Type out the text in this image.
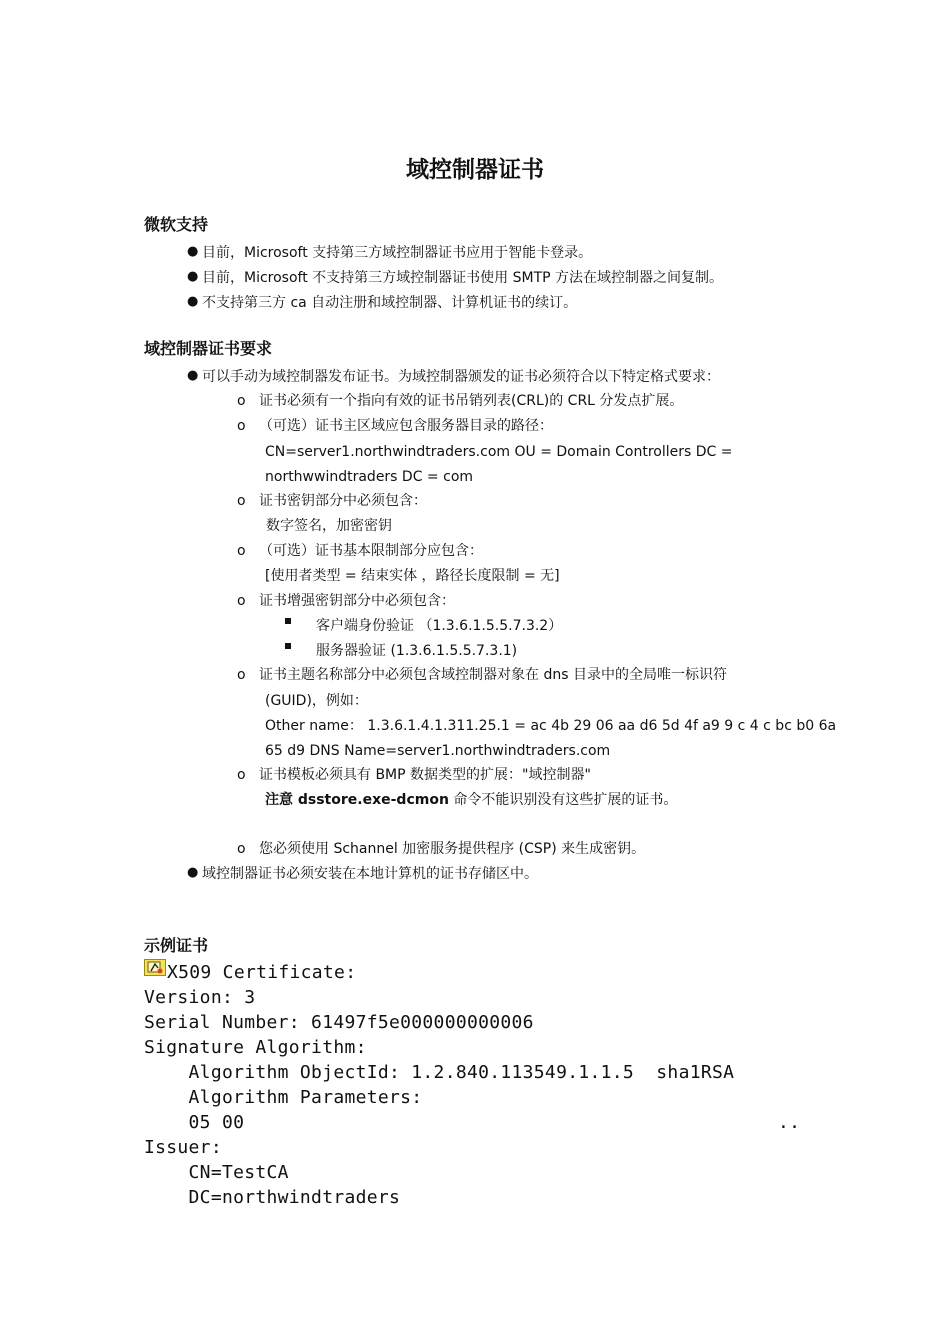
域控制器证书
微软支持
● 目前，Microsoft 支持第三方域控制器证书应用于智能卡登录。
● 目前，Microsoft 不支持第三方域控制器证书使用 SMTP 方法在域控制器之间复制。
● 不支持第三方 ca 自动注册和域控制器、计算机证书的续订。
域控制器证书要求
● 可以手动为域控制器发布证书。为域控制器颁发的证书必须符合以下特定格式要求：
o 证书必须有一个指向有效的证书吊销列表(CRL)的 CRL 分发点扩展。
o （可选）证书主区域应包含服务器目录的路径：
CN=server1.northwindtraders.com OU = Domain Controllers DC =
northwwindtraders DC = com
o 证书密钥部分中必须包含：
数字签名，加密密钥
o （可选）证书基本限制部分应包含：
[使用者类型 = 结束实体 ，路径长度限制 = 无]
o 证书增强密钥部分中必须包含：
客户端身份验证 （1.3.6.1.5.5.7.3.2）
服务器验证 (1.3.6.1.5.5.7.3.1)
o 证书主题名称部分中必须包含域控制器对象在 dns 目录中的全局唯一标识符
(GUID)，例如：
Other name： 1.3.6.1.4.1.311.25.1 = ac 4b 29 06 aa d6 5d 4f a9 9 c 4 c bc b0 6a
65 d9 DNS Name=server1.northwindtraders.com
o 证书模板必须具有 BMP 数据类型的扩展："域控制器"
注意 dsstore.exe-dcmon 命令不能识别没有这些扩展的证书。
o 您必须使用 Schannel 加密服务提供程序 (CSP) 来生成密钥。
● 域控制器证书必须安装在本地计算机的证书存储区中。
示例证书
X509 Certificate:
Version: 3
Serial Number: 61497f5e000000000006
Signature Algorithm:
Algorithm ObjectId: 1.2.840.113549.1.1.5  sha1RSA
Algorithm Parameters:
05 00	..
Issuer:
CN=TestCA
DC=northwindtraders
